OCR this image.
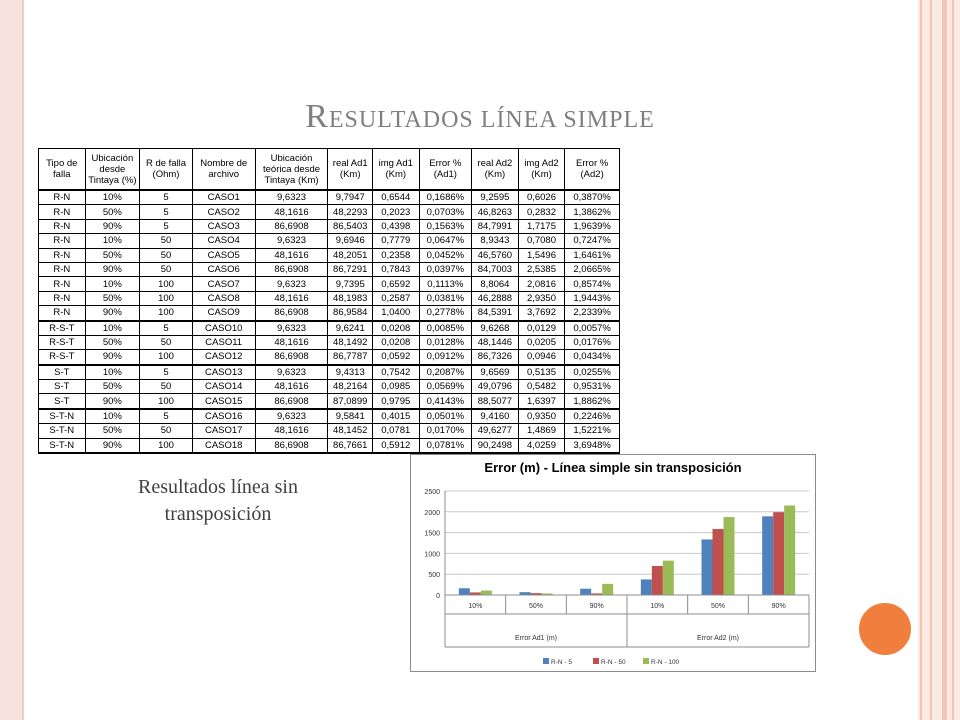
RESULTADOS LÍNEA SIMPLE
Tipo de falla	Ubicación desde Tintaya (%)	R de falla (Ohm)	Nombre de archivo	Ubicación teórica desde Tintaya (Km)	real Ad1 (Km)	img Ad1 (Km)	Error % (Ad1)	real Ad2 (Km)	img Ad2 (Km)	Error % (Ad2)
R-N	10%	5	CASO1	9,6323	9,7947	0,6544	0,1686%	9,2595	0,6026	0,3870%
R-N	50%	5	CASO2	48,1616	48,2293	0,2023	0,0703%	46,8263	0,2832	1,3862%
R-N	90%	5	CASO3	86,6908	86,5403	0,4398	0,1563%	84,7991	1,7175	1,9639%
R-N	10%	50	CASO4	9,6323	9,6946	0,7779	0,0647%	8,9343	0,7080	0,7247%
R-N	50%	50	CASO5	48,1616	48,2051	0,2358	0,0452%	46,5760	1,5496	1,6461%
R-N	90%	50	CASO6	86,6908	86,7291	0,7843	0,0397%	84,7003	2,5385	2,0665%
R-N	10%	100	CASO7	9,6323	9,7395	0,6592	0,1113%	8,8064	2,0816	0,8574%
R-N	50%	100	CASO8	48,1616	48,1983	0,2587	0,0381%	46,2888	2,9350	1,9443%
R-N	90%	100	CASO9	86,6908	86,9584	1,0400	0,2778%	84,5391	3,7692	2,2339%
R-S-T	10%	5	CASO10	9,6323	9,6241	0,0208	0,0085%	9,6268	0,0129	0,0057%
R-S-T	50%	50	CASO11	48,1616	48,1492	0,0208	0,0128%	48,1446	0,0205	0,0176%
R-S-T	90%	100	CASO12	86,6908	86,7787	0,0592	0,0912%	86,7326	0,0946	0,0434%
S-T	10%	5	CASO13	9,6323	9,4313	0,7542	0,2087%	9,6569	0,5135	0,0255%
S-T	50%	50	CASO14	48,1616	48,2164	0,0985	0,0569%	49,0796	0,5482	0,9531%
S-T	90%	100	CASO15	86,6908	87,0899	0,9795	0,4143%	88,5077	1,6397	1,8862%
S-T-N	10%	5	CASO16	9,6323	9,5841	0,4015	0,0501%	9,4160	0,9350	0,2246%
S-T-N	50%	50	CASO17	48,1616	48,1452	0,0781	0,0170%	49,6277	1,4869	1,5221%
S-T-N	90%	100	CASO18	86,6908	86,7661	0,5912	0,0781%	90,2498	4,0259	3,6948%
Resultados línea sin
transposición
Error (m) - Línea simple sin transposición
0
500
1000
1500
2000
2500
10%	50%	90%	10%	50%	90%
Error Ad1 (m)	Error Ad2 (m)
R-N - 5	R-N - 50	R-N - 100
